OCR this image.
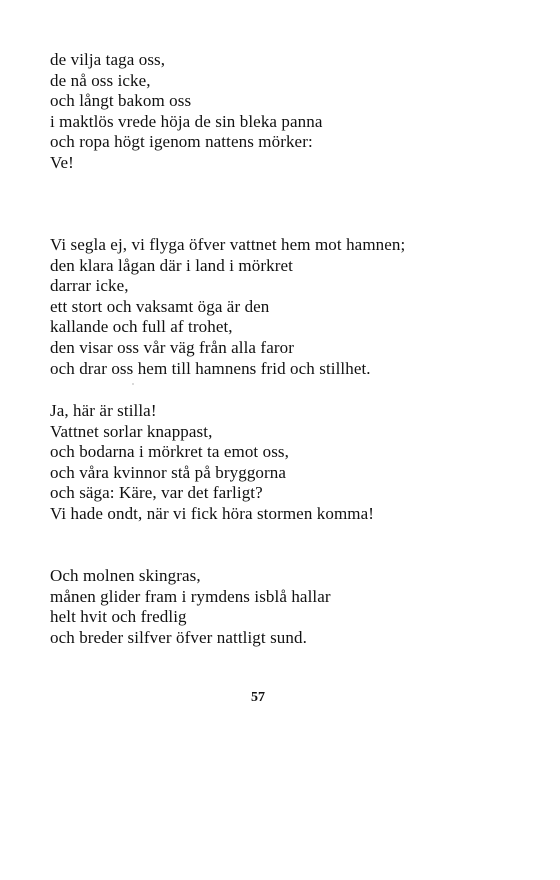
de vilja taga oss,
de nå oss icke,
och långt bakom oss
i maktlös vrede höja de sin bleka panna
och ropa högt igenom nattens mörker:
Ve!
Vi segla ej, vi flyga öfver vattnet hem mot hamnen;
den klara lågan där i land i mörkret
darrar icke,
ett stort och vaksamt öga är den
kallande och full af trohet,
den visar oss vår väg från alla faror
och drar oss hem till hamnens frid och stillhet.
Ja, här är stilla!
Vattnet sorlar knappast,
och bodarna i mörkret ta emot oss,
och våra kvinnor stå på bryggorna
och säga: Käre, var det farligt?
Vi hade ondt, när vi fick höra stormen komma!
Och molnen skingras,
månen glider fram i rymdens isblå hallar
helt hvit och fredlig
och breder silfver öfver nattligt sund.
57
